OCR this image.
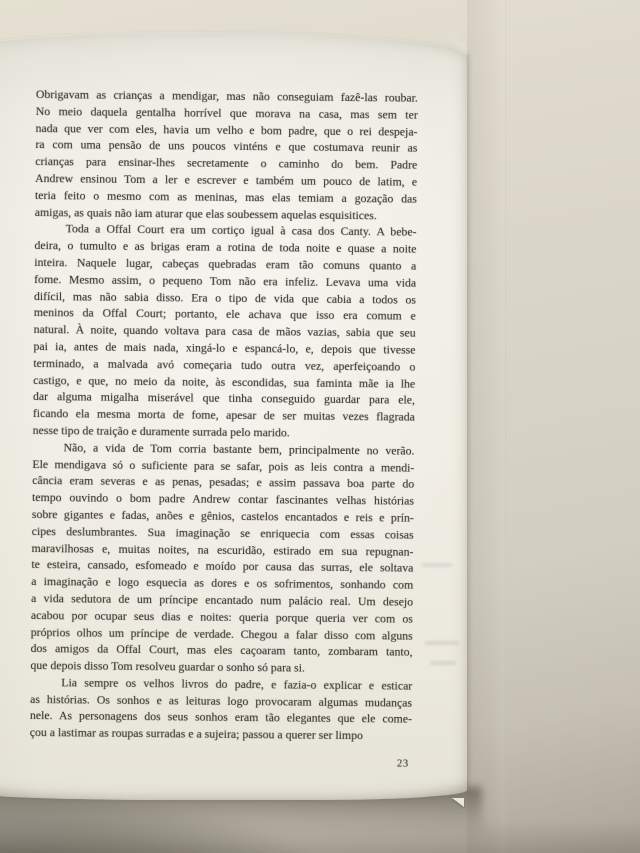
Obrigavam as crianças a mendigar, mas não conseguiam fazê-las roubar.
No meio daquela gentalha horrível que morava na casa, mas sem ter
nada que ver com eles, havia um velho e bom padre, que o rei despeja-
ra com uma pensão de uns poucos vinténs e que costumava reunir as
crianças para ensinar-lhes secretamente o caminho do bem. Padre
Andrew ensinou Tom a ler e escrever e também um pouco de latim, e
teria feito o mesmo com as meninas, mas elas temiam a gozação das
amigas, as quais não iam aturar que elas soubessem aquelas esquisitices.
Toda a Offal Court era um cortiço igual à casa dos Canty. A bebe-
deira, o tumulto e as brigas eram a rotina de toda noite e quase a noite
inteira. Naquele lugar, cabeças quebradas eram tão comuns quanto a
fome. Mesmo assim, o pequeno Tom não era infeliz. Levava uma vida
difícil, mas não sabia disso. Era o tipo de vida que cabia a todos os
meninos da Offal Court; portanto, ele achava que isso era comum e
natural. À noite, quando voltava para casa de mãos vazias, sabia que seu
pai ia, antes de mais nada, xingá-lo e espancá-lo, e, depois que tivesse
terminado, a malvada avó começaria tudo outra vez, aperfeiçoando o
castigo, e que, no meio da noite, às escondidas, sua faminta mãe ia lhe
dar alguma migalha miserável que tinha conseguido guardar para ele,
ficando ela mesma morta de fome, apesar de ser muitas vezes flagrada
nesse tipo de traição e duramente surrada pelo marido.
Não, a vida de Tom corria bastante bem, principalmente no verão.
Ele mendigava só o suficiente para se safar, pois as leis contra a mendi-
cância eram severas e as penas, pesadas; e assim passava boa parte do
tempo ouvindo o bom padre Andrew contar fascinantes velhas histórias
sobre gigantes e fadas, anões e gênios, castelos encantados e reis e prín-
cipes deslumbrantes. Sua imaginação se enriquecia com essas coisas
maravilhosas e, muitas noites, na escuridão, estirado em sua repugnan-
te esteira, cansado, esfomeado e moído por causa das surras, ele soltava
a imaginação e logo esquecia as dores e os sofrimentos, sonhando com
a vida sedutora de um príncipe encantado num palácio real. Um desejo
acabou por ocupar seus dias e noites: queria porque queria ver com os
próprios olhos um príncipe de verdade. Chegou a falar disso com alguns
dos amigos da Offal Court, mas eles caçoaram tanto, zombaram tanto,
que depois disso Tom resolveu guardar o sonho só para si.
Lia sempre os velhos livros do padre, e fazia-o explicar e esticar
as histórias. Os sonhos e as leituras logo provocaram algumas mudanças
nele. As personagens dos seus sonhos eram tão elegantes que ele come-
çou a lastimar as roupas surradas e a sujeira; passou a querer ser limpo
23
